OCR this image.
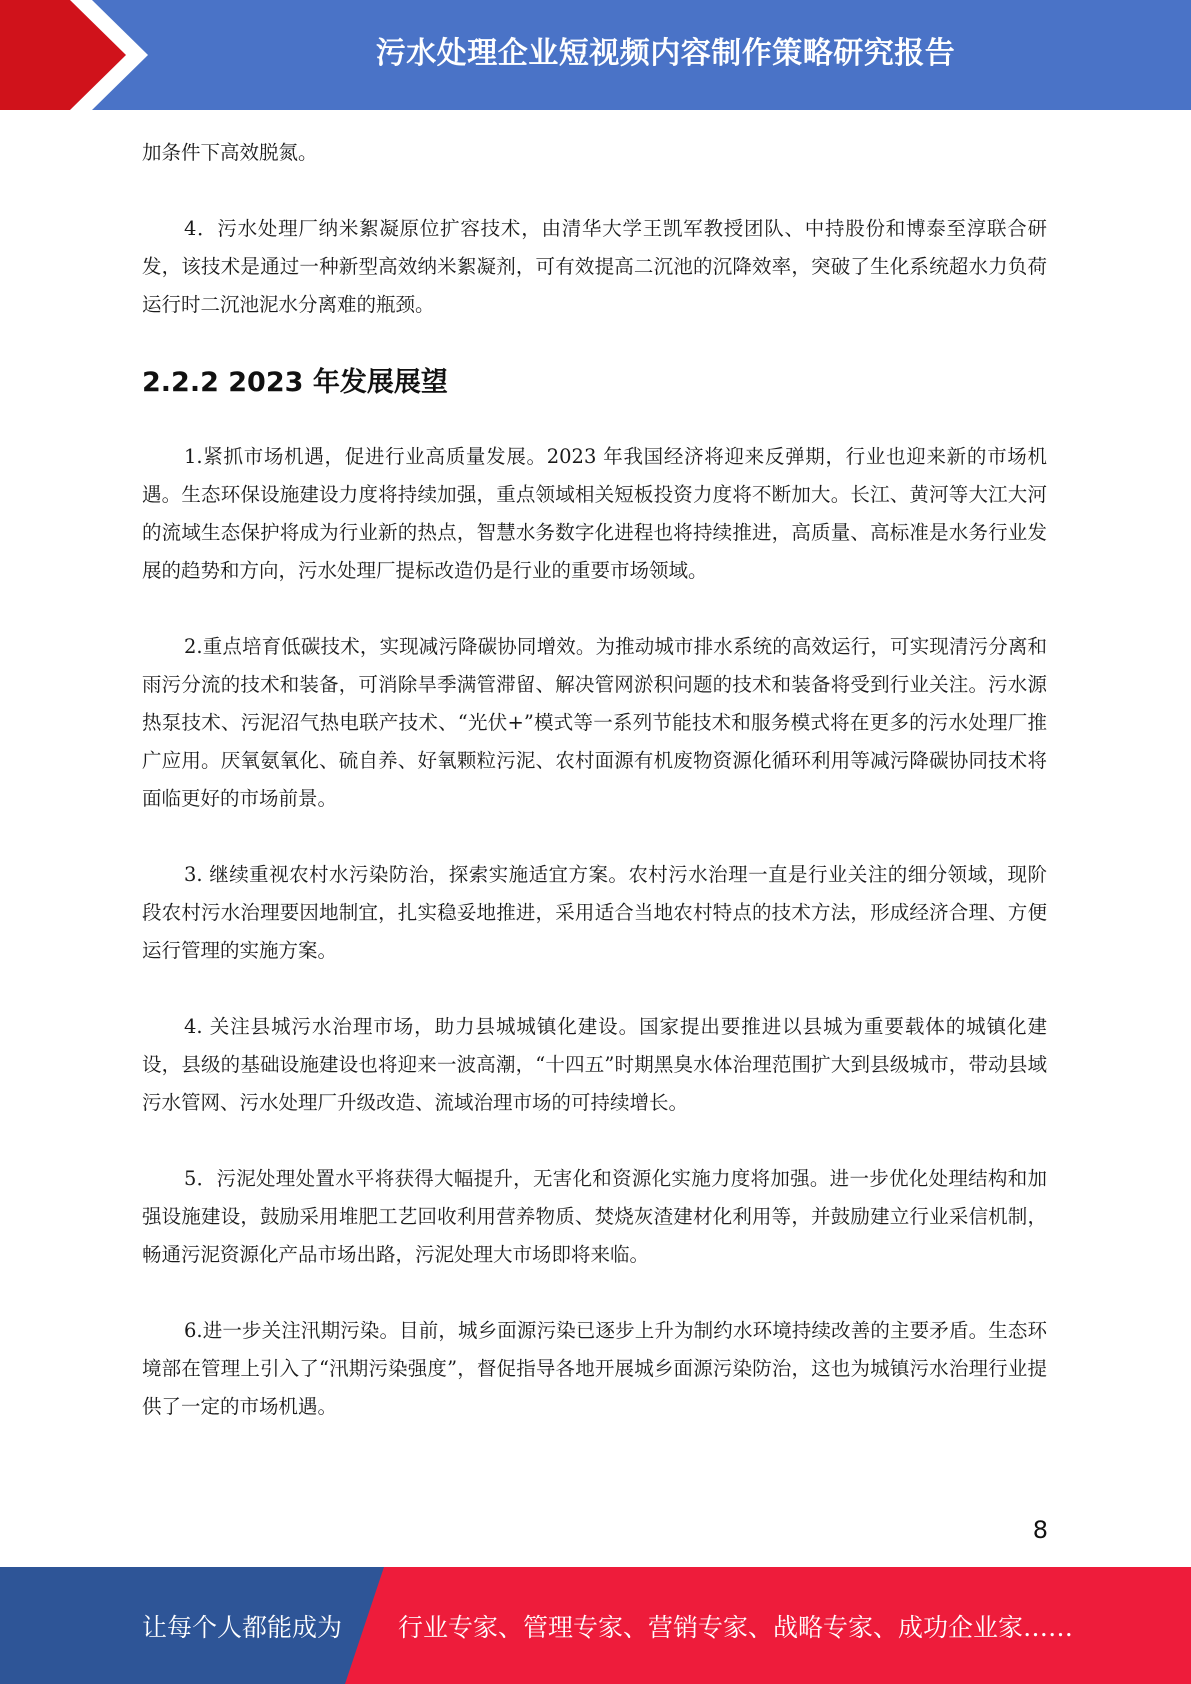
污水处理企业短视频内容制作策略研究报告

加条件下高效脱氮。

4．污水处理厂纳米絮凝原位扩容技术，由清华大学王凯军教授团队、中持股份和博泰至淳联合研发，该技术是通过一种新型高效纳米絮凝剂，可有效提高二沉池的沉降效率，突破了生化系统超水力负荷运行时二沉池泥水分离难的瓶颈。

2.2.2 2023 年发展展望

1.紧抓市场机遇，促进行业高质量发展。2023 年我国经济将迎来反弹期，行业也迎来新的市场机遇。生态环保设施建设力度将持续加强，重点领域相关短板投资力度将不断加大。长江、黄河等大江大河的流域生态保护将成为行业新的热点，智慧水务数字化进程也将持续推进，高质量、高标准是水务行业发展的趋势和方向，污水处理厂提标改造仍是行业的重要市场领域。

2.重点培育低碳技术，实现减污降碳协同增效。为推动城市排水系统的高效运行，可实现清污分离和雨污分流的技术和装备，可消除旱季满管滞留、解决管网淤积问题的技术和装备将受到行业关注。污水源热泵技术、污泥沼气热电联产技术、“光伏+”模式等一系列节能技术和服务模式将在更多的污水处理厂推广应用。厌氧氨氧化、硫自养、好氧颗粒污泥、农村面源有机废物资源化循环利用等减污降碳协同技术将面临更好的市场前景。

3. 继续重视农村水污染防治，探索实施适宜方案。农村污水治理一直是行业关注的细分领域，现阶段农村污水治理要因地制宜，扎实稳妥地推进，采用适合当地农村特点的技术方法，形成经济合理、方便运行管理的实施方案。

4. 关注县城污水治理市场，助力县城城镇化建设。国家提出要推进以县城为重要载体的城镇化建设，县级的基础设施建设也将迎来一波高潮，“十四五”时期黑臭水体治理范围扩大到县级城市，带动县域污水管网、污水处理厂升级改造、流域治理市场的可持续增长。

5．污泥处理处置水平将获得大幅提升，无害化和资源化实施力度将加强。进一步优化处理结构和加强设施建设，鼓励采用堆肥工艺回收利用营养物质、焚烧灰渣建材化利用等，并鼓励建立行业采信机制，畅通污泥资源化产品市场出路，污泥处理大市场即将来临。

6.进一步关注汛期污染。目前，城乡面源污染已逐步上升为制约水环境持续改善的主要矛盾。生态环境部在管理上引入了“汛期污染强度”，督促指导各地开展城乡面源污染防治，这也为城镇污水治理行业提供了一定的市场机遇。

8
让每个人都能成为 行业专家、管理专家、营销专家、战略专家、成功企业家……
